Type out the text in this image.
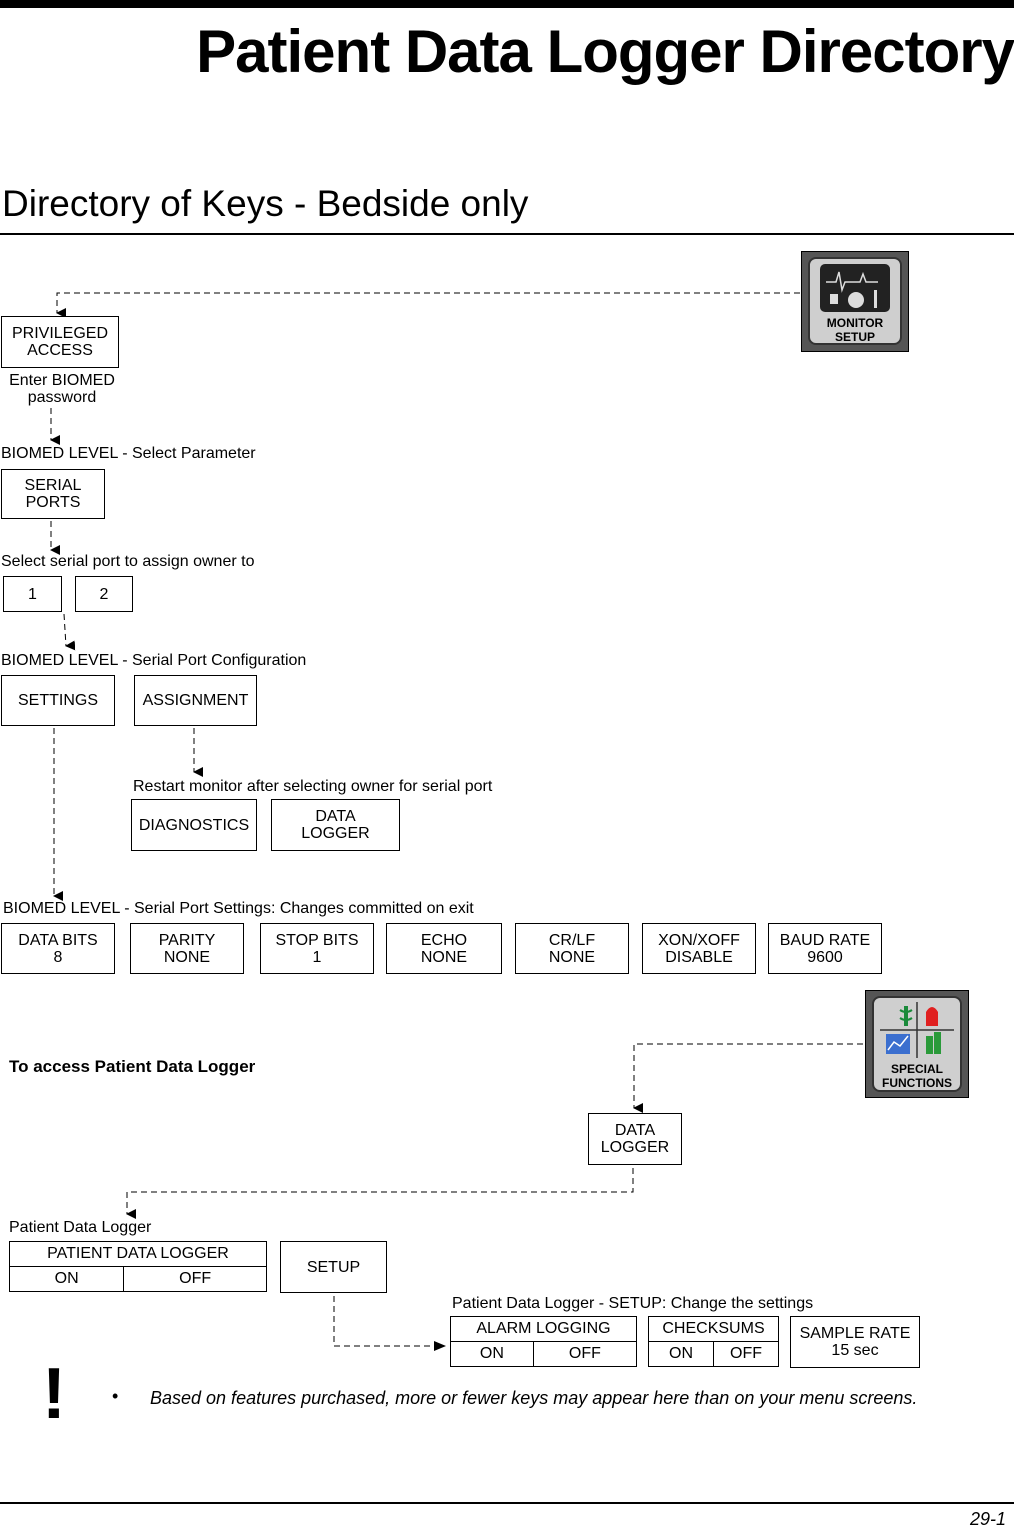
Patient Data Logger Directory
Directory of Keys - Bedside only
MONITOR
SETUP
PRIVILEGED
ACCESS
Enter BIOMED
password
BIOMED LEVEL - Select Parameter
SERIAL
PORTS
Select serial port to assign owner to
1	2
BIOMED LEVEL - Serial Port Configuration
SETTINGS	ASSIGNMENT
Restart monitor after selecting owner for serial port
DIAGNOSTICS	DATA
LOGGER
BIOMED LEVEL - Serial Port Settings: Changes committed on exit
DATA BITS
8
PARITY
NONE
STOP BITS
1
ECHO
NONE
CR/LF
NONE
XON/XOFF
DISABLE
BAUD RATE
9600
To access Patient Data Logger	SPECIAL
FUNCTIONS
DATA
LOGGER
Patient Data Logger
PATIENT DATA LOGGER
ON	OFF
SETUP
Patient Data Logger - SETUP: Change the settings
ALARM LOGGING
ON	OFF
CHECKSUMS
ON	OFF
SAMPLE RATE
15 sec
!	• Based on features purchased, more or fewer keys may appear here than on your menu screens.
29-1
